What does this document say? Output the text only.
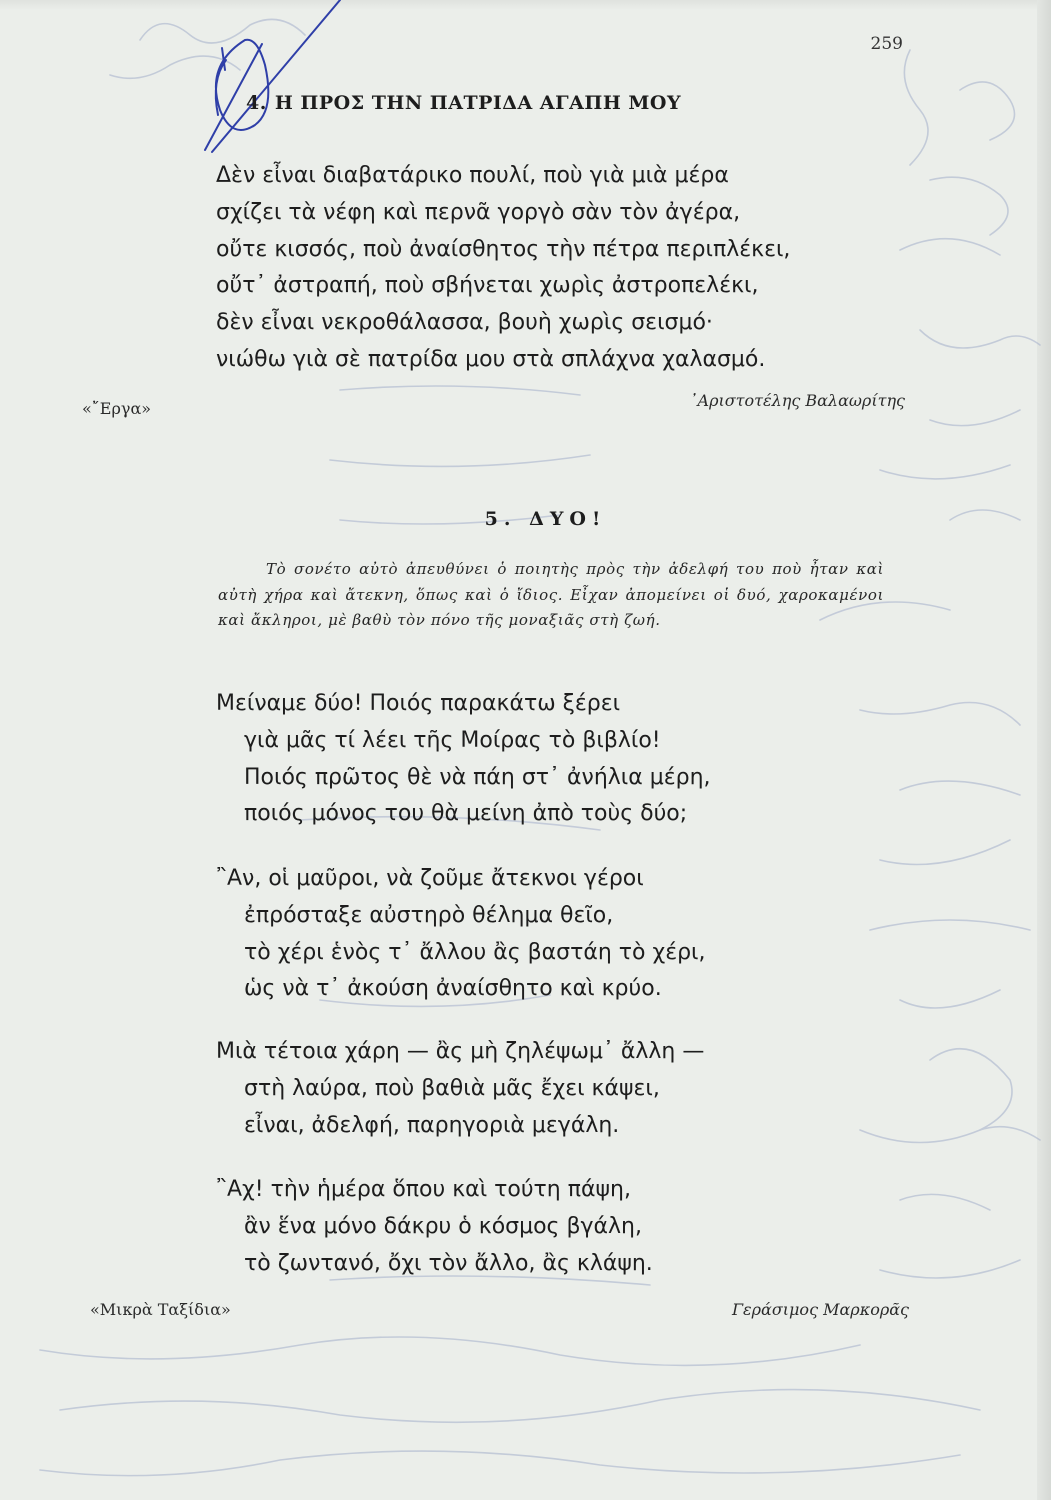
259
4. Η ΠΡΟΣ ΤΗΝ ΠΑΤΡΙΔΑ ΑΓΑΠΗ ΜΟΥ
Δὲν εἶναι διαβατάρικο πουλί, ποὺ γιὰ μιὰ μέρα
σχίζει τὰ νέφη καὶ περνᾶ γοργὸ σὰν τὸν ἀγέρα,
οὔτε κισσός, ποὺ ἀναίσθητος τὴν πέτρα περιπλέκει,
οὔτ᾽ ἀστραπή, ποὺ σβήνεται χωρὶς ἀστροπελέκι,
δὲν εἶναι νεκροθάλασσα, βουὴ χωρὶς σεισμό·
νιώθω γιὰ σὲ πατρίδα μου στὰ σπλάχνα χαλασμό.
᾽Αριστοτέλης Βαλαωρίτης
«῎Εργα»
5. ΔΥΟ!

Τὸ σονέτο αὐτὸ ἀπευθύνει ὁ ποιητὴς πρὸς τὴν ἀδελφή του ποὺ ἦταν καὶ αὐτὴ χήρα καὶ ἄτεκνη, ὅπως καὶ ὁ ἴδιος. Εἶχαν ἀπομείνει οἱ δυό, χαροκαμένοι καὶ ἄκληροι, μὲ βαθὺ τὸν πόνο τῆς μοναξιᾶς στὴ ζωή.

Μείναμε δύο! Ποιός παρακάτω ξέρει
γιὰ μᾶς τί λέει τῆς Μοίρας τὸ βιβλίο!
Ποιός πρῶτος θὲ νὰ πάη στ᾽ ἀνήλια μέρη,
ποιός μόνος του θὰ μείνη ἀπὸ τοὺς δύο;
῍Αν, οἱ μαῦροι, νὰ ζοῦμε ἄτεκνοι γέροι
ἐπρόσταξε αὐστηρὸ θέλημα θεῖο,
τὸ χέρι ἑνὸς τ᾽ ἄλλου ἂς βαστάη τὸ χέρι,
ὡς νὰ τ᾽ ἀκούση ἀναίσθητο καὶ κρύο.
Μιὰ τέτοια χάρη — ἂς μὴ ζηλέψωμ᾽ ἄλλη —
στὴ λαύρα, ποὺ βαθιὰ μᾶς ἔχει κάψει,
εἶναι, ἀδελφή, παρηγοριὰ μεγάλη.
῍Αχ! τὴν ἡμέρα ὅπου καὶ τούτη πάψη,
ἂν ἕνα μόνο δάκρυ ὁ κόσμος βγάλη,
τὸ ζωντανό, ὄχι τὸν ἄλλο, ἂς κλάψη.
«Μικρὰ Ταξίδια»	Γεράσιμος Μαρκορᾶς
